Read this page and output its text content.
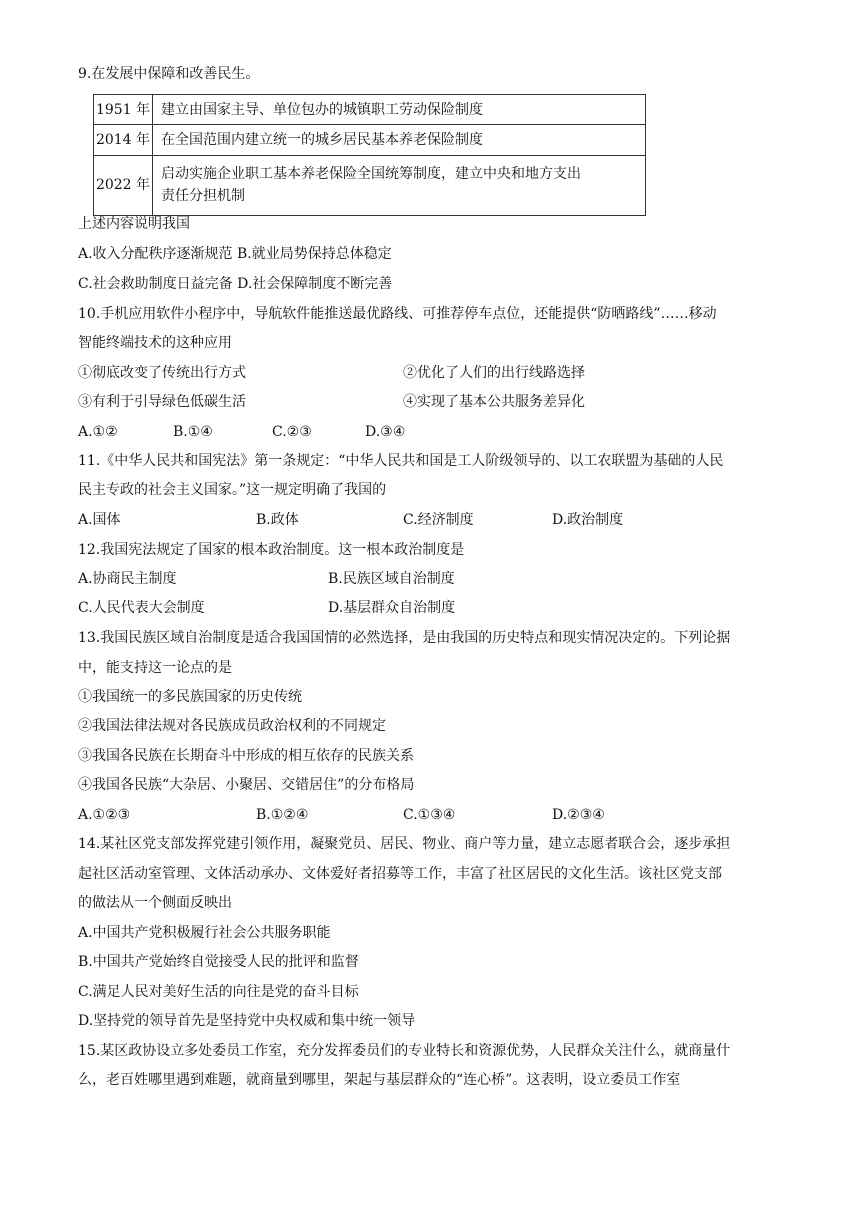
9.在发展中保障和改善民生。
1951 年	建立由国家主导、单位包办的城镇职工劳动保险制度
2014 年	在全国范围内建立统一的城乡居民基本养老保险制度
2022 年	启动实施企业职工基本养老保险全国统筹制度，建立中央和地方支出
责任分担机制
上述内容说明我国
A.收入分配秩序逐渐规范 B.就业局势保持总体稳定
C.社会救助制度日益完备 D.社会保障制度不断完善
10.手机应用软件小程序中，导航软件能推送最优路线、可推荐停车点位，还能提供“防晒路线”……移动
智能终端技术的这种应用
①彻底改变了传统出行方式	②优化了人们的出行线路选择
③有利于引导绿色低碳生活	④实现了基本公共服务差异化
A.①②	B.①④	C.②③	D.③④
11.《中华人民共和国宪法》第一条规定：“中华人民共和国是工人阶级领导的、以工农联盟为基础的人民
民主专政的社会主义国家。”这一规定明确了我国的
A.国体	B.政体	C.经济制度	D.政治制度
12.我国宪法规定了国家的根本政治制度。这一根本政治制度是
A.协商民主制度	B.民族区域自治制度
C.人民代表大会制度	D.基层群众自治制度
13.我国民族区域自治制度是适合我国国情的必然选择，是由我国的历史特点和现实情况决定的。下列论据
中，能支持这一论点的是
①我国统一的多民族国家的历史传统
②我国法律法规对各民族成员政治权利的不同规定
③我国各民族在长期奋斗中形成的相互依存的民族关系
④我国各民族“大杂居、小聚居、交错居住”的分布格局
A.①②③	B.①②④	C.①③④	D.②③④
14.某社区党支部发挥党建引领作用，凝聚党员、居民、物业、商户等力量，建立志愿者联合会，逐步承担
起社区活动室管理、文体活动承办、文体爱好者招募等工作，丰富了社区居民的文化生活。该社区党支部
的做法从一个侧面反映出
A.中国共产党积极履行社会公共服务职能
B.中国共产党始终自觉接受人民的批评和监督
C.满足人民对美好生活的向往是党的奋斗目标
D.坚持党的领导首先是坚持党中央权威和集中统一领导
15.某区政协设立多处委员工作室，充分发挥委员们的专业特长和资源优势，人民群众关注什么，就商量什
么，老百姓哪里遇到难题，就商量到哪里，架起与基层群众的“连心桥”。这表明，设立委员工作室
